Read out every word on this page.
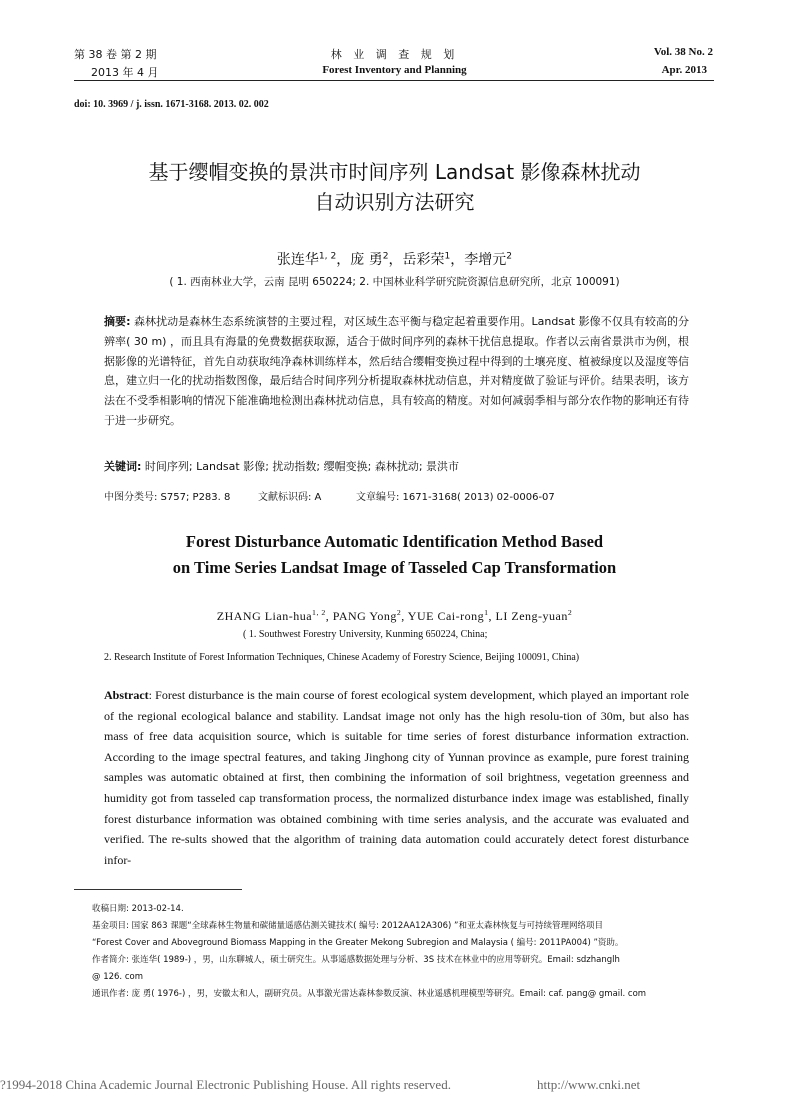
第 38 卷 第 2 期
2013 年 4 月
林 业 调 查 规 划
Forest Inventory and Planning
Vol. 38 No. 2
Apr. 2013
doi: 10. 3969 / j. issn. 1671-3168. 2013. 02. 002
基于缨帽变换的景洪市时间序列 Landsat 影像森林扰动
自动识别方法研究
张连华$^{1, 2}$，庞 勇$^2$，岳彩荣$^1$，李增元$^2$
( 1. 西南林业大学，云南 昆明 650224; 2. 中国林业科学研究院资源信息研究所，北京 100091)
摘要: 森林扰动是森林生态系统演替的主要过程，对区域生态平衡与稳定起着重要作用。Landsat 影像不仅具有较高的分辨率( 30 m) ，而且具有海量的免费数据获取源，适合于做时间序列的森林干扰信息提取。作者以云南省景洪市为例，根据影像的光谱特征，首先自动获取纯净森林训练样本，然后结合缨帽变换过程中得到的土壤亮度、植被绿度以及湿度等信息，建立归一化的扰动指数图像，最后结合时间序列分析提取森林扰动信息，并对精度做了验证与评价。结果表明，该方法在不受季相影响的情况下能准确地检测出森林扰动信息，具有较高的精度。对如何减弱季相与部分农作物的影响还有待于进一步研究。
关键词: 时间序列; Landsat 影像; 扰动指数; 缨帽变换; 森林扰动; 景洪市
中图分类号: S757; P283. 8	文献标识码: A	文章编号: 1671-3168( 2013) 02-0006-07
Forest Disturbance Automatic Identification Method Based
on Time Series Landsat Image of Tasseled Cap Transformation
ZHANG Lian-hua$^{1, 2}$, PANG Yong$^2$, YUE Cai-rong$^1$, LI Zeng-yuan$^2$
( 1. Southwest Forestry University, Kunming 650224, China;
2. Research Institute of Forest Information Techniques, Chinese Academy of Forestry Science, Beijing 100091, China)
Abstract: Forest disturbance is the main course of forest ecological system development, which played an important role of the regional ecological balance and stability. Landsat image not only has the high resolu-tion of 30m, but also has mass of free data acquisition source, which is suitable for time series of forest disturbance information extraction. According to the image spectral features, and taking Jinghong city of Yunnan province as example, pure forest training samples was automatic obtained at first, then combining the information of soil brightness, vegetation greenness and humidity got from tasseled cap transformation process, the normalized disturbance index image was established, finally forest disturbance information was obtained combining with time series analysis, and the accurate was evaluated and verified. The re-sults showed that the algorithm of training data automation could accurately detect forest disturbance infor-
收稿日期: 2013-02-14.
基金项目: 国家 863 课题“全球森林生物量和碳储量遥感估测关键技术( 编号: 2012AA12A306) ”和亚太森林恢复与可持续管理网络项目
“Forest Cover and Aboveground Biomass Mapping in the Greater Mekong Subregion and Malaysia ( 编号: 2011PA004) ”资助。
作者简介: 张连华( 1989-) ，男，山东聊城人，硕士研究生。从事遥感数据处理与分析、3S 技术在林业中的应用等研究。Email: sdzhanglh
@ 126. com
通讯作者: 庞 勇( 1976-) ，男，安徽太和人，副研究员。从事激光雷达森林参数反演、林业遥感机理模型等研究。Email: caf. pang@ gmail. com
?1994-2018 China Academic Journal Electronic Publishing House. All rights reserved.	http://www.cnki.net
